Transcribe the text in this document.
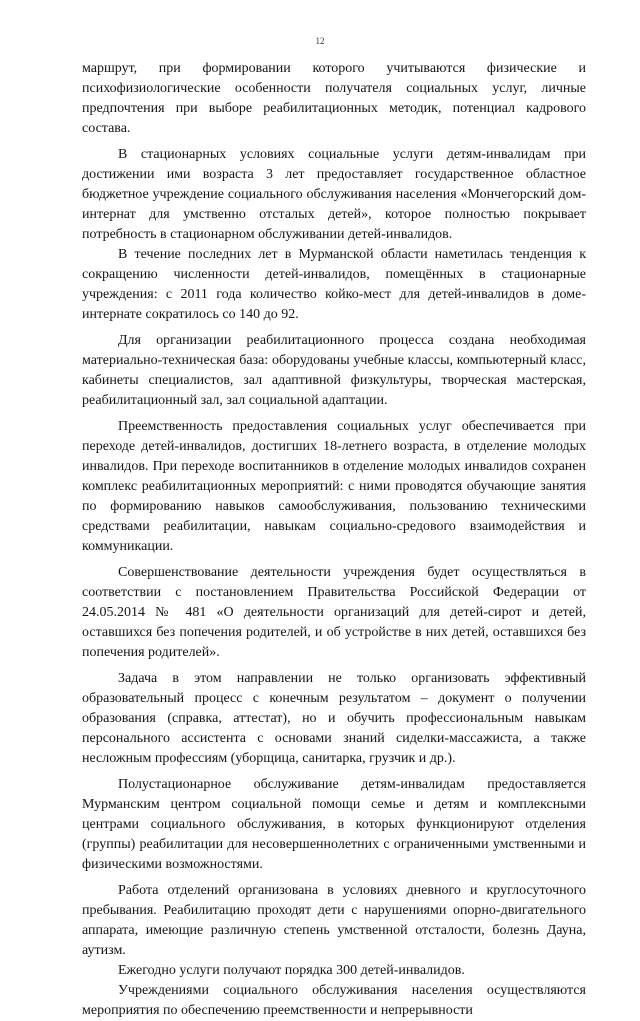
12

маршрут, при формировании которого учитываются физические и психофизиологические особенности получателя социальных услуг, личные предпочтения при выборе реабилитационных методик, потенциал кадрового состава.

В стационарных условиях социальные услуги детям-инвалидам при достижении ими возраста 3 лет предоставляет государственное областное бюджетное учреждение социального обслуживания населения «Мончегорский дом-интернат для умственно отсталых детей», которое полностью покрывает потребность в стационарном обслуживании детей-инвалидов.

В течение последних лет в Мурманской области наметилась тенденция к сокращению численности детей-инвалидов, помещённых в стационарные учреждения: с 2011 года количество койко-мест для детей-инвалидов в доме-интернате сократилось со 140 до 92.

Для организации реабилитационного процесса создана необходимая материально-техническая база: оборудованы учебные классы, компьютерный класс, кабинеты специалистов, зал адаптивной физкультуры, творческая мастерская, реабилитационный зал, зал социальной адаптации.

Преемственность предоставления социальных услуг обеспечивается при переходе детей-инвалидов, достигших 18-летнего возраста, в отделение молодых инвалидов. При переходе воспитанников в отделение молодых инвалидов сохранен комплекс реабилитационных мероприятий: с ними проводятся обучающие занятия по формированию навыков самообслуживания, пользованию техническими средствами реабилитации, навыкам социально-средового взаимодействия и коммуникации.

Совершенствование деятельности учреждения будет осуществляться в соответствии с постановлением Правительства Российской Федерации от 24.05.2014 № 481 «О деятельности организаций для детей-сирот и детей, оставшихся без попечения родителей, и об устройстве в них детей, оставшихся без попечения родителей».

Задача в этом направлении не только организовать эффективный образовательный процесс с конечным результатом – документ о получении образования (справка, аттестат), но и обучить профессиональным навыкам персонального ассистента с основами знаний сиделки-массажиста, а также несложным профессиям (уборщица, санитарка, грузчик и др.).

Полустационарное обслуживание детям-инвалидам предоставляется Мурманским центром социальной помощи семье и детям и комплексными центрами социального обслуживания, в которых функционируют отделения (группы) реабилитации для несовершеннолетних с ограниченными умственными и физическими возможностями.

Работа отделений организована в условиях дневного и круглосуточного пребывания. Реабилитацию проходят дети с нарушениями опорно-двигательного аппарата, имеющие различную степень умственной отсталости, болезнь Дауна, аутизм.

Ежегодно услуги получают порядка 300 детей-инвалидов.

Учреждениями социального обслуживания населения осуществляются мероприятия по обеспечению преемственности и непрерывности
